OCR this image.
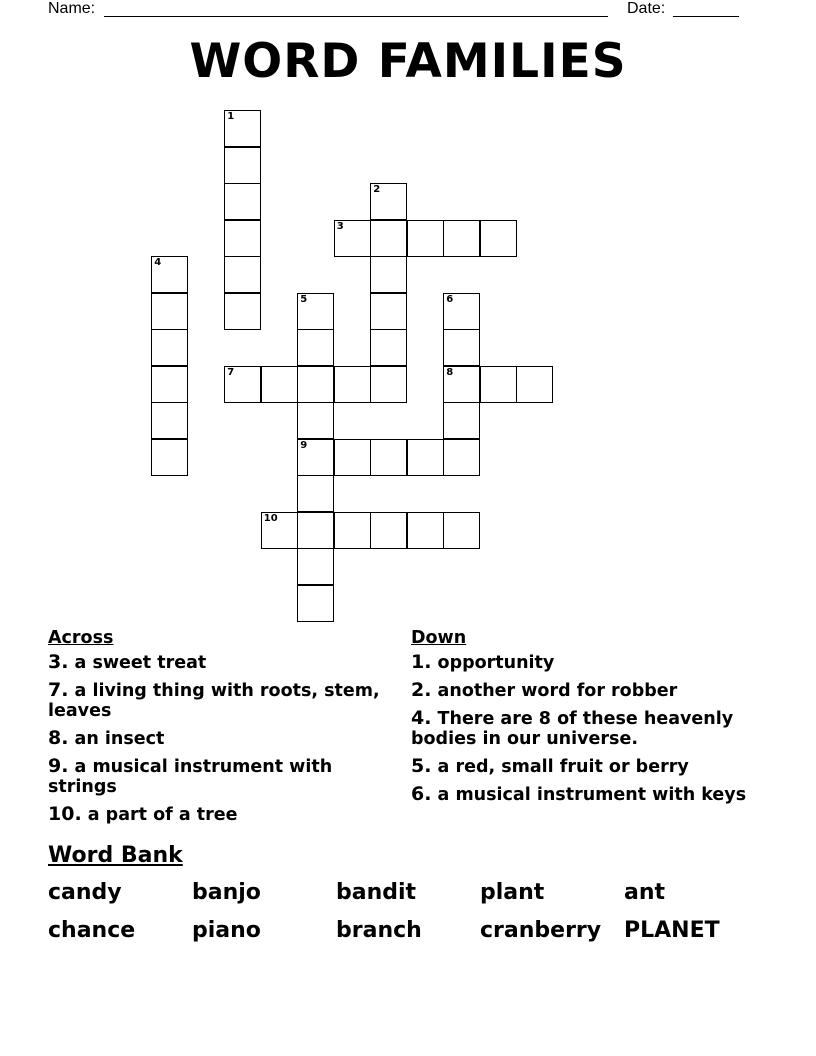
Name:	Date:
WORD FAMILIES
1
2
3
4
5
9
6
8
7
10
Across
3. a sweet treat
7. a living thing with roots, stem, leaves
8. an insect
9. a musical instrument with strings
10. a part of a tree
Down
1. opportunity
2. another word for robber
4. There are 8 of these heavenly bodies in our universe.
5. a red, small fruit or berry
6. a musical instrument with keys
Word Bank
candy	banjo	bandit	plant	ant
chance	piano	branch	cranberry PLANET
